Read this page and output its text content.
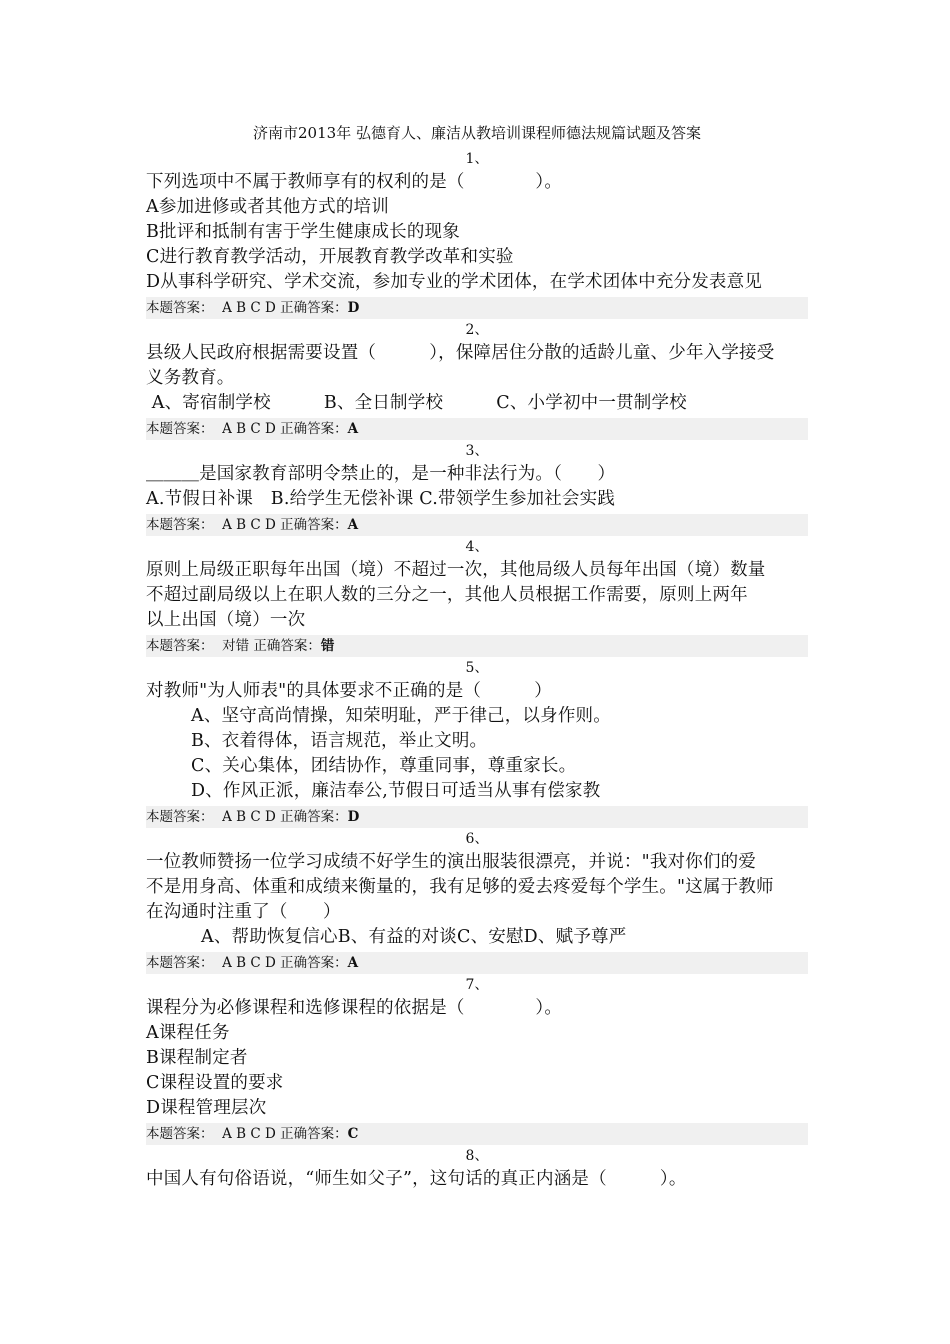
济南市2013年 弘德育人、廉洁从教培训课程师德法规篇试题及答案
1、
下列选项中不属于教师享有的权利的是（　　　　）。
A参加进修或者其他方式的培训
B批评和抵制有害于学生健康成长的现象
C进行教育教学活动，开展教育教学改革和实验
D从事科学研究、学术交流，参加专业的学术团体，在学术团体中充分发表意见
本题答案： A B C D 正确答案：D
2、
县级人民政府根据需要设置（　　　），保障居住分散的适龄儿童、少年入学接受
义务教育。
A、寄宿制学校　　　B、全日制学校　　　C、小学初中一贯制学校
本题答案： A B C D 正确答案：A
3、
＿＿＿是国家教育部明令禁止的，是一种非法行为。（　　）
A.节假日补课　B.给学生无偿补课 C.带领学生参加社会实践
本题答案： A B C D 正确答案：A
4、
原则上局级正职每年出国（境）不超过一次，其他局级人员每年出国（境）数量
不超过副局级以上在职人数的三分之一，其他人员根据工作需要，原则上两年
以上出国（境）一次
本题答案： 对错 正确答案：错
5、
对教师"为人师表"的具体要求不正确的是（　　　）
A、坚守高尚情操，知荣明耻，严于律己，以身作则。
B、衣着得体，语言规范，举止文明。
C、关心集体，团结协作，尊重同事，尊重家长。
D、作风正派，廉洁奉公,节假日可适当从事有偿家教
本题答案： A B C D 正确答案：D
6、
一位教师赞扬一位学习成绩不好学生的演出服装很漂亮，并说："我对你们的爱
不是用身高、体重和成绩来衡量的，我有足够的爱去疼爱每个学生。"这属于教师
在沟通时注重了（　　）
A、帮助恢复信心B、有益的对谈C、安慰D、赋予尊严
本题答案： A B C D 正确答案：A
7、
课程分为必修课程和选修课程的依据是（　　　　）。
A课程任务
B课程制定者
C课程设置的要求
D课程管理层次
本题答案： A B C D 正确答案：C
8、
中国人有句俗语说，“师生如父子”，这句话的真正内涵是（　　　）。
